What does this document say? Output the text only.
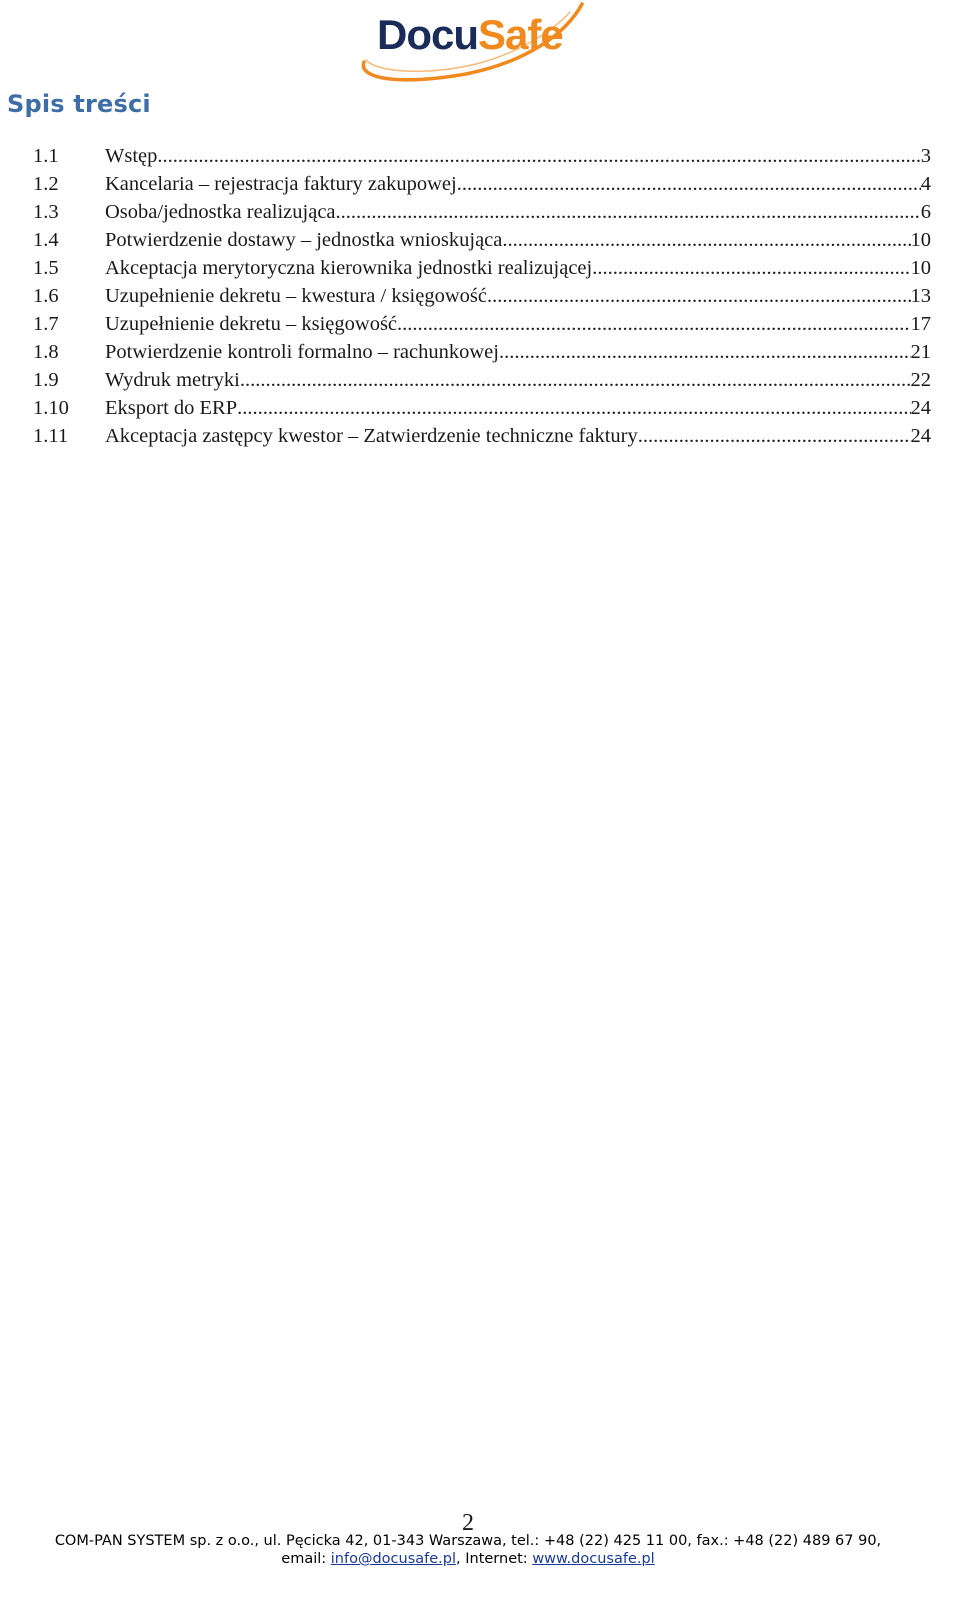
DocuSafe
Spis treści
1.1	Wstęp .....	3
1.2	Kancelaria – rejestracja faktury zakupowej .....	4
1.3	Osoba/jednostka realizująca .....	6
1.4	Potwierdzenie dostawy – jednostka wnioskująca. .....	10
1.5	Akceptacja merytoryczna kierownika jednostki realizującej. .....	10
1.6	Uzupełnienie dekretu – kwestura / księgowość. .....	13
1.7	Uzupełnienie dekretu – księgowość .....	17
1.8	Potwierdzenie kontroli formalno – rachunkowej .....	21
1.9	Wydruk metryki. .....	22
1.10	Eksport do ERP .....	24
1.11	Akceptacja zastępcy kwestor – Zatwierdzenie techniczne faktury .....	24
2
COM-PAN SYSTEM sp. z o.o., ul. Pęcicka 42, 01-343 Warszawa, tel.: +48 (22) 425 11 00, fax.: +48 (22) 489 67 90,
email: info@docusafe.pl, Internet: www.docusafe.pl
